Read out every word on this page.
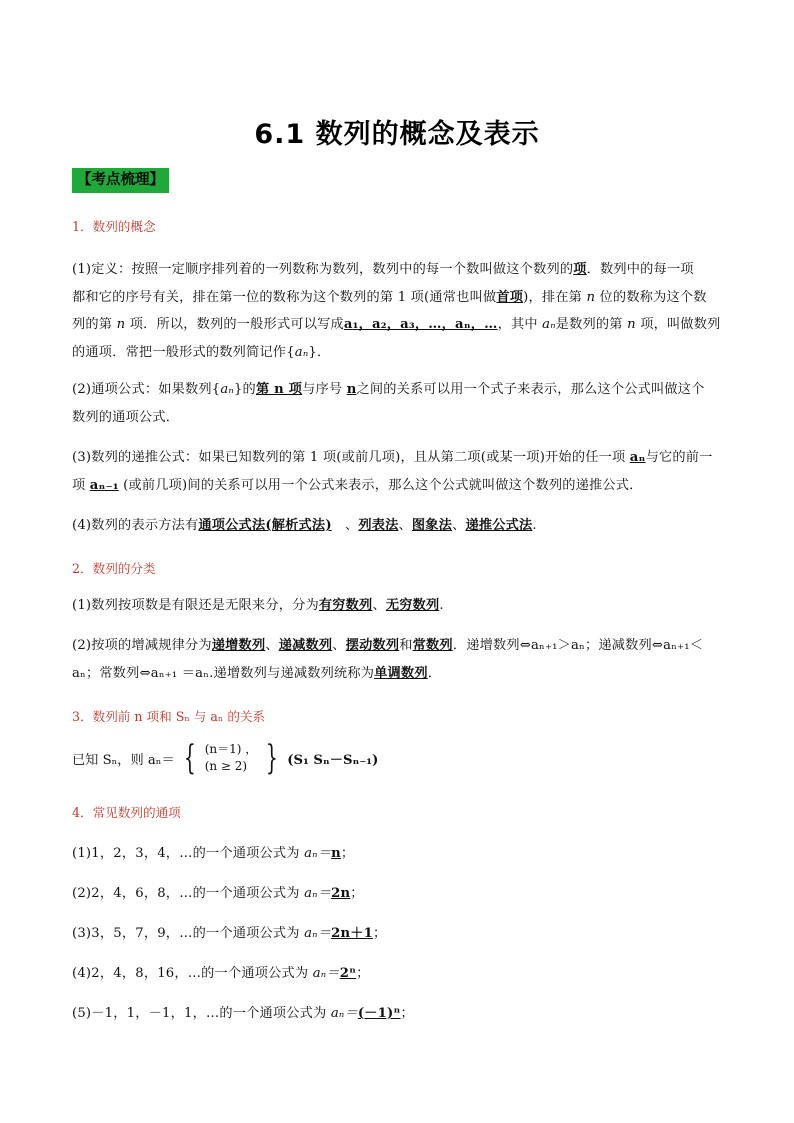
6.1 数列的概念及表示
【考点梳理】
1．数列的概念
(1)定义：按照一定顺序排列着的一列数称为数列，数列中的每一个数叫做这个数列的项．数列中的每一项
都和它的序号有关，排在第一位的数称为这个数列的第 1 项(通常也叫做首项)，排在第 n 位的数称为这个数
列的第 n 项．所以，数列的一般形式可以写成a₁，a₂，a₃，…，aₙ，…，其中 aₙ是数列的第 n 项，叫做数列
的通项．常把一般形式的数列简记作{aₙ}．
(2)通项公式：如果数列{aₙ}的第 n 项与序号 n之间的关系可以用一个式子来表示，那么这个公式叫做这个
数列的通项公式．
(3)数列的递推公式：如果已知数列的第 1 项(或前几项)，且从第二项(或某一项)开始的任一项 aₙ与它的前一
项 aₙ₋₁ (或前几项)间的关系可以用一个公式来表示，那么这个公式就叫做这个数列的递推公式．
(4)数列的表示方法有通项公式法(解析式法) 、列表法、图象法、递推公式法.
2．数列的分类
(1)数列按项数是有限还是无限来分，分为有穷数列、无穷数列.
(2)按项的增减规律分为递增数列、递减数列、摆动数列和常数列．递增数列⇔aₙ₊₁＞aₙ；递减数列⇔aₙ₊₁＜
aₙ；常数列⇔aₙ₊₁ ＝aₙ.递增数列与递减数列统称为单调数列．
3．数列前 n 项和 Sₙ 与 aₙ 的关系
已知 Sₙ，则 aₙ＝ { (n＝1) ，
(n ≥ 2) } (S₁ Sₙ－Sₙ₋₁)
4．常见数列的通项
(1)1，2，3，4，…的一个通项公式为 aₙ＝n；
(2)2，4，6，8，…的一个通项公式为 aₙ＝2n；
(3)3，5，7，9，…的一个通项公式为 aₙ＝2n＋1；
(4)2，4，8，16，…的一个通项公式为 aₙ＝2ⁿ；
(5)－1，1，－1，1，…的一个通项公式为 aₙ＝(－1)ⁿ；
